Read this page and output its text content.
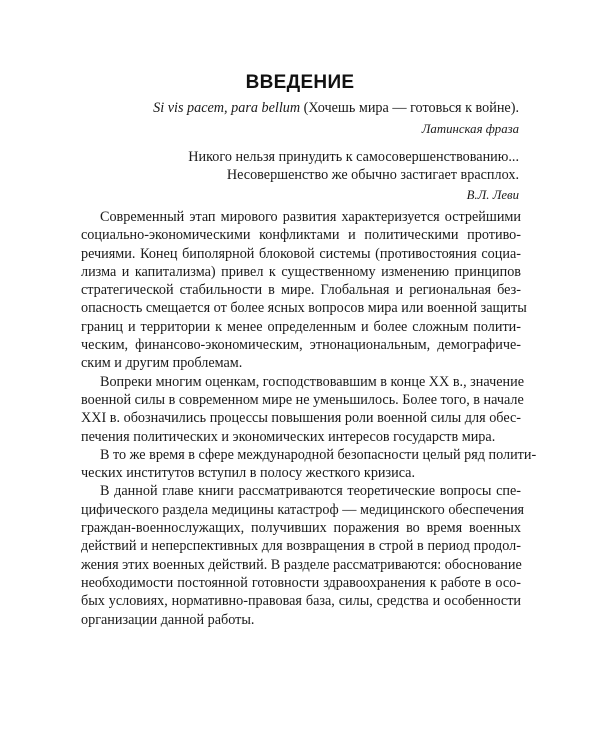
ВВЕДЕНИЕ
Si vis pacem, para bellum (Хочешь мира — готовься к войне).
Латинская фраза
Никого нельзя принудить к самосовершенствованию...
Несовершенство же обычно застигает врасплох.
В.Л. Леви
Современный этап мирового развития характеризуется острейшими
социально-экономическими конфликтами и политическими противо-
речиями. Конец биполярной блоковой системы (противостояния социа-
лизма и капитализма) привел к существенному изменению принципов
стратегической стабильности в мире. Глобальная и региональная без-
опасность смещается от более ясных вопросов мира или военной защиты
границ и территории к менее определенным и более сложным полити-
ческим, финансово-экономическим, этнонациональным, демографиче-
ским и другим проблемам.
Вопреки многим оценкам, господствовавшим в конце XX в., значение
военной силы в современном мире не уменьшилось. Более того, в начале
XXI в. обозначились процессы повышения роли военной силы для обес-
печения политических и экономических интересов государств мира.
В то же время в сфере международной безопасности целый ряд полити-
ческих институтов вступил в полосу жесткого кризиса.
В данной главе книги рассматриваются теоретические вопросы спе-
цифического раздела медицины катастроф — медицинского обеспечения
граждан-военнослужащих, получивших поражения во время военных
действий и неперспективных для возвращения в строй в период продол-
жения этих военных действий. В разделе рассматриваются: обоснование
необходимости постоянной готовности здравоохранения к работе в осо-
бых условиях, нормативно-правовая база, силы, средства и особенности
организации данной работы.
